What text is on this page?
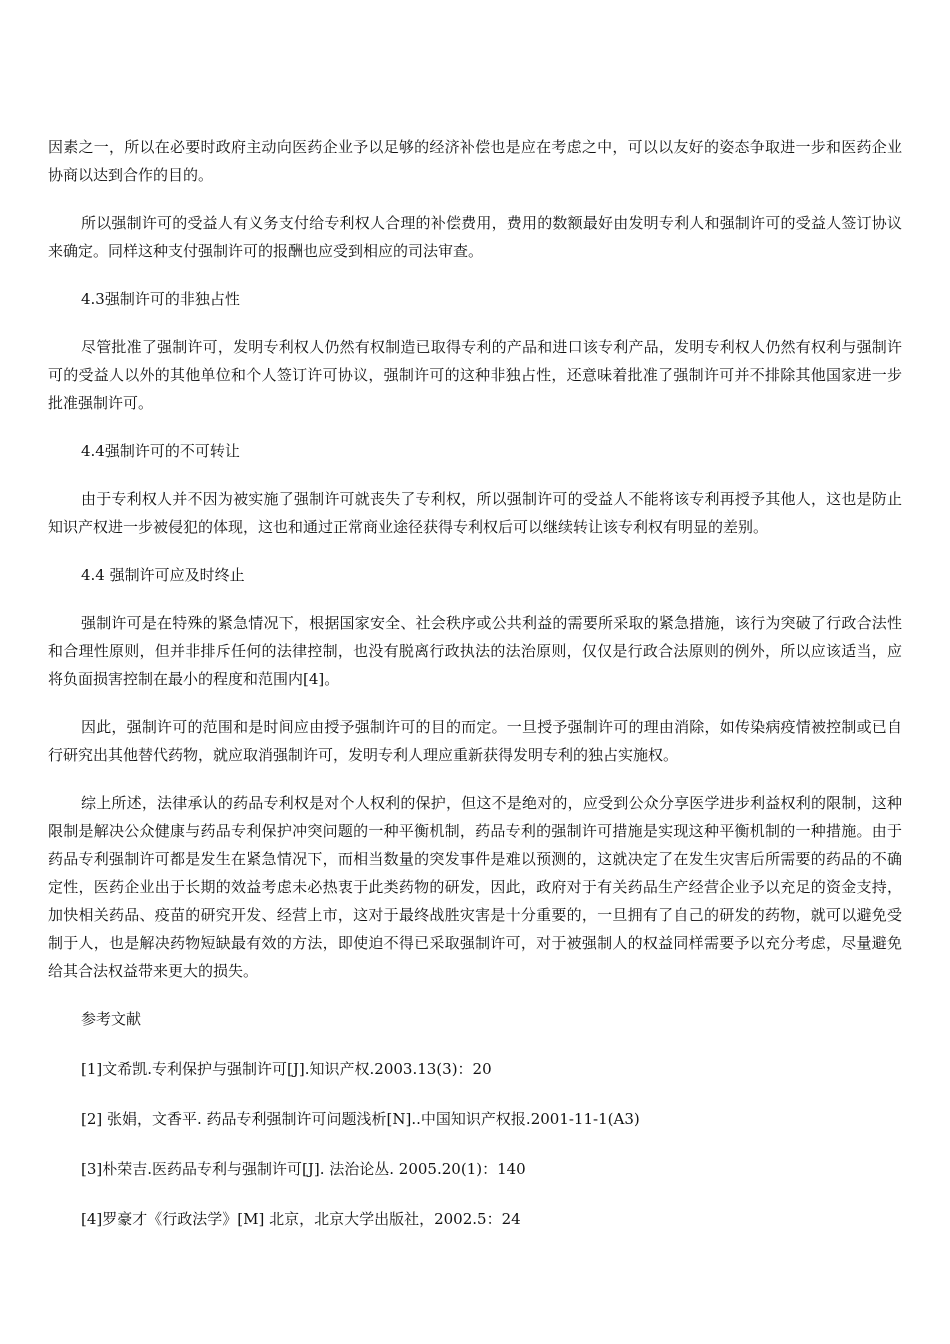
因素之一，所以在必要时政府主动向医药企业予以足够的经济补偿也是应在考虑之中，可以以友好的姿态争取进一步和医药企业协商以达到合作的目的。

所以强制许可的受益人有义务支付给专利权人合理的补偿费用，费用的数额最好由发明专利人和强制许可的受益人签订协议来确定。同样这种支付强制许可的报酬也应受到相应的司法审查。

4.3强制许可的非独占性

尽管批准了强制许可，发明专利权人仍然有权制造已取得专利的产品和进口该专利产品，发明专利权人仍然有权利与强制许可的受益人以外的其他单位和个人签订许可协议，强制许可的这种非独占性，还意味着批准了强制许可并不排除其他国家进一步批准强制许可。

4.4强制许可的不可转让

由于专利权人并不因为被实施了强制许可就丧失了专利权，所以强制许可的受益人不能将该专利再授予其他人，这也是防止知识产权进一步被侵犯的体现，这也和通过正常商业途径获得专利权后可以继续转让该专利权有明显的差别。

4.4 强制许可应及时终止

强制许可是在特殊的紧急情况下，根据国家安全、社会秩序或公共利益的需要所采取的紧急措施，该行为突破了行政合法性和合理性原则，但并非排斥任何的法律控制，也没有脱离行政执法的法治原则，仅仅是行政合法原则的例外，所以应该适当，应将负面损害控制在最小的程度和范围内[4]。

因此，强制许可的范围和是时间应由授予强制许可的目的而定。一旦授予强制许可的理由消除，如传染病疫情被控制或已自行研究出其他替代药物，就应取消强制许可，发明专利人理应重新获得发明专利的独占实施权。

综上所述，法律承认的药品专利权是对个人权利的保护，但这不是绝对的，应受到公众分享医学进步利益权利的限制，这种限制是解决公众健康与药品专利保护冲突问题的一种平衡机制，药品专利的强制许可措施是实现这种平衡机制的一种措施。由于药品专利强制许可都是发生在紧急情况下，而相当数量的突发事件是难以预测的，这就决定了在发生灾害后所需要的药品的不确定性，医药企业出于长期的效益考虑未必热衷于此类药物的研发，因此，政府对于有关药品生产经营企业予以充足的资金支持，加快相关药品、疫苗的研究开发、经营上市，这对于最终战胜灾害是十分重要的，一旦拥有了自己的研发的药物，就可以避免受制于人，也是解决药物短缺最有效的方法，即使迫不得已采取强制许可，对于被强制人的权益同样需要予以充分考虑，尽量避免给其合法权益带来更大的损失。

参考文献

[1]文希凯.专利保护与强制许可[J].知识产权.2003.13(3)：20

[2] 张娟，文香平. 药品专利强制许可问题浅析[N]..中国知识产权报.2001-11-1(A3)

[3]朴荣吉.医药品专利与强制许可[J]. 法治论丛. 2005.20(1)：140

[4]罗豪才《行政法学》[M] 北京，北京大学出版社，2002.5：24
